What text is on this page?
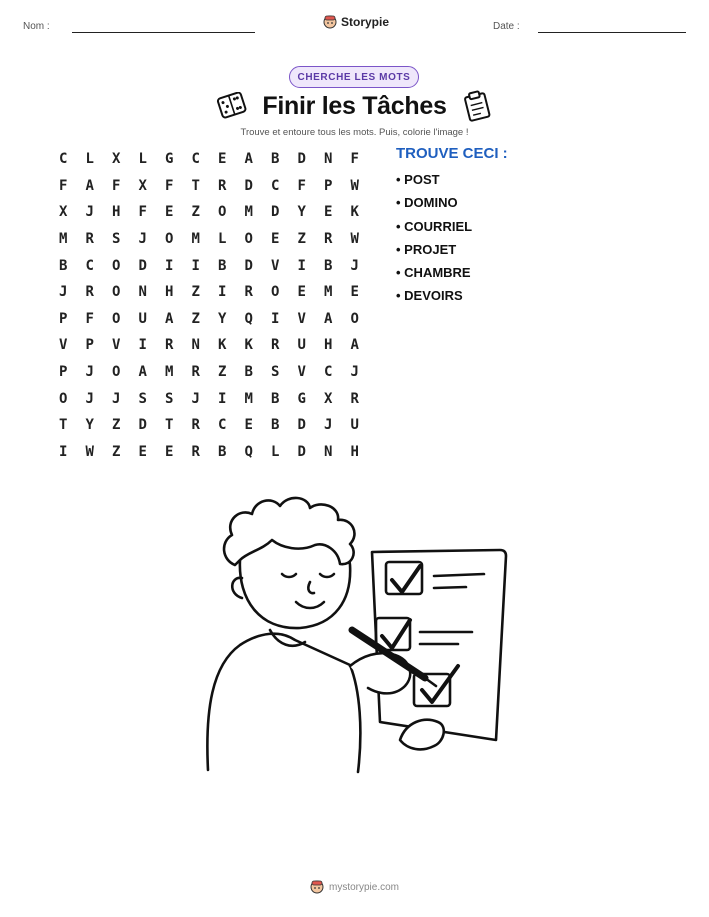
Nom :	Storypie	Date :
CHERCHE LES MOTS
Finir les Tâches
Trouve et entoure tous les mots. Puis, colorie l'image !
C	L	X	L	G	C	E	A	B	D	N	F
F	A	F	X	F	T	R	D	C	F	P	W
X	J	H	F	E	Z	O	M	D	Y	E	K
M	R	S	J	O	M	L	O	E	Z	R	W
B	C	O	D	I	I	B	D	V	I	B	J
J	R	O	N	H	Z	I	R	O	E	M	E
P	F	O	U	A	Z	Y	Q	I	V	A	O
V	P	V	I	R	N	K	K	R	U	H	A
P	J	O	A	M	R	Z	B	S	V	C	J
O	J	J	S	S	J	I	M	B	G	X	R
T	Y	Z	D	T	R	C	E	B	D	J	U
I	W	Z	E	E	R	B	Q	L	D	N	H
TROUVE CECI :
• POST
• DOMINO
• COURRIEL
• PROJET
• CHAMBRE
• DEVOIRS
mystorypie.com
